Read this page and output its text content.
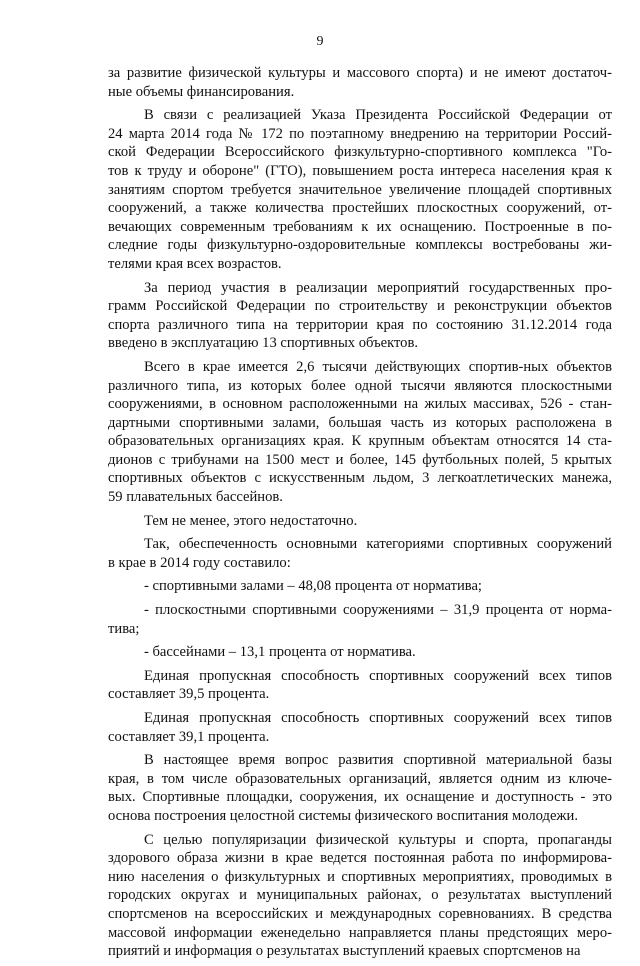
9
за развитие физической культуры и массового спорта) и не имеют достаточ-
ные объемы финансирования.
В связи с реализацией Указа Президента Российской Федерации от
24 марта 2014 года № 172 по поэтапному внедрению на территории Россий-
ской Федерации Всероссийского физкультурно-спортивного комплекса "Го-
тов к труду и обороне" (ГТО), повышением роста интереса населения края к
занятиям спортом требуется значительное увеличение площадей спортивных
сооружений, а также количества простейших плоскостных сооружений, от-
вечающих современным требованиям к их оснащению. Построенные в по-
следние годы физкультурно-оздоровительные комплексы востребованы жи-
телями края всех возрастов.
За период участия в реализации мероприятий государственных про-
грамм Российской Федерации по строительству и реконструкции объектов
спорта различного типа на территории края по состоянию 31.12.2014 года
введено в эксплуатацию 13 спортивных объектов.
Всего в крае имеется 2,6 тысячи действующих спортив-ных объектов
различного типа, из которых более одной тысячи являются плоскостными
сооружениями, в основном расположенными на жилых массивах, 526 - стан-
дартными спортивными залами, большая часть из которых расположена в
образовательных организациях края. К крупным объектам относятся 14 ста-
дионов с трибунами на 1500 мест и более, 145 футбольных полей, 5 крытых
спортивных объектов с искусственным льдом, 3 легкоатлетических манежа,
59 плавательных бассейнов.
Тем не менее, этого недостаточно.
Так, обеспеченность основными категориями спортивных сооружений
в крае в 2014 году составило:
- спортивными залами – 48,08 процента от норматива;
- плоскостными спортивными сооружениями – 31,9 процента от норма-
тива;
- бассейнами – 13,1 процента от норматива.
Единая пропускная способность спортивных сооружений всех типов
составляет 39,5 процента.
Единая пропускная способность спортивных сооружений всех типов
составляет 39,1 процента.
В настоящее время вопрос развития спортивной материальной базы
края, в том числе образовательных организаций, является одним из ключе-
вых. Спортивные площадки, сооружения, их оснащение и доступность - это
основа построения целостной системы физического воспитания молодежи.
С целью популяризации физической культуры и спорта, пропаганды
здорового образа жизни в крае ведется постоянная работа по информирова-
нию населения о физкультурных и спортивных мероприятиях, проводимых в
городских округах и муниципальных районах, о результатах выступлений
спортсменов на всероссийских и международных соревнованиях. В средства
массовой информации еженедельно направляется планы предстоящих меро-
приятий и информация о результатах выступлений краевых спортсменов на
